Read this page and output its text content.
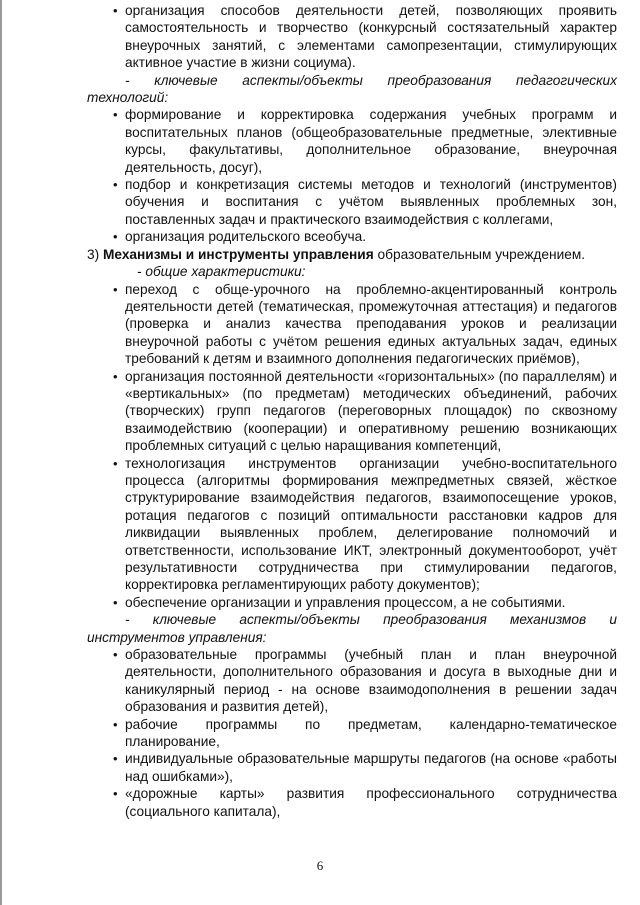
• организация способов деятельности детей, позволяющих проявить самостоятельность и творчество (конкурсный состязательный характер внеурочных занятий, с элементами самопрезентации, стимулирующих активное участие в жизни социума).

- ключевые аспекты/объекты преобразования педагогических

технологий:

• формирование и корректировка содержания учебных программ и воспитательных планов (общеобразовательные предметные, элективные курсы, факультативы, дополнительное образование, внеурочная деятельность, досуг),
• подбор и конкретизация системы методов и технологий (инструментов) обучения и воспитания с учётом выявленных проблемных зон, поставленных задач и практического взаимодействия с коллегами,
• организация родительского всеобуча.

3) Механизмы и инструменты управления образовательным учреждением.

- общие характеристики:

• переход с обще-урочного на проблемно-акцентированный контроль деятельности детей (тематическая, промежуточная аттестация) и педагогов (проверка и анализ качества преподавания уроков и реализации внеурочной работы с учётом решения единых актуальных задач, единых требований к детям и взаимного дополнения педагогических приёмов),
• организация постоянной деятельности «горизонтальных» (по параллелям) и «вертикальных» (по предметам) методических объединений, рабочих (творческих) групп педагогов (переговорных площадок) по сквозному взаимодействию (кооперации) и оперативному решению возникающих проблемных ситуаций с целью наращивания компетенций,
• технологизация инструментов организации учебно-воспитательного процесса (алгоритмы формирования межпредметных связей, жёсткое структурирование взаимодействия педагогов, взаимопосещение уроков, ротация педагогов с позиций оптимальности расстановки кадров для ликвидации выявленных проблем, делегирование полномочий и ответственности, использование ИКТ, электронный документооборот, учёт результативности сотрудничества при стимулировании педагогов, корректировка регламентирующих работу документов);
• обеспечение организации и управления процессом, а не событиями.

- ключевые аспекты/объекты преобразования механизмов и

инструментов управления:

• образовательные программы (учебный план и план внеурочной деятельности, дополнительного образования и досуга в выходные дни и каникулярный период - на основе взаимодополнения в решении задач образования и развития детей),
• рабочие программы по предметам, календарно-тематическое планирование,
• индивидуальные образовательные маршруты педагогов (на основе «работы над ошибками»),
• «дорожные карты» развития профессионального сотрудничества (социального капитала),
6
